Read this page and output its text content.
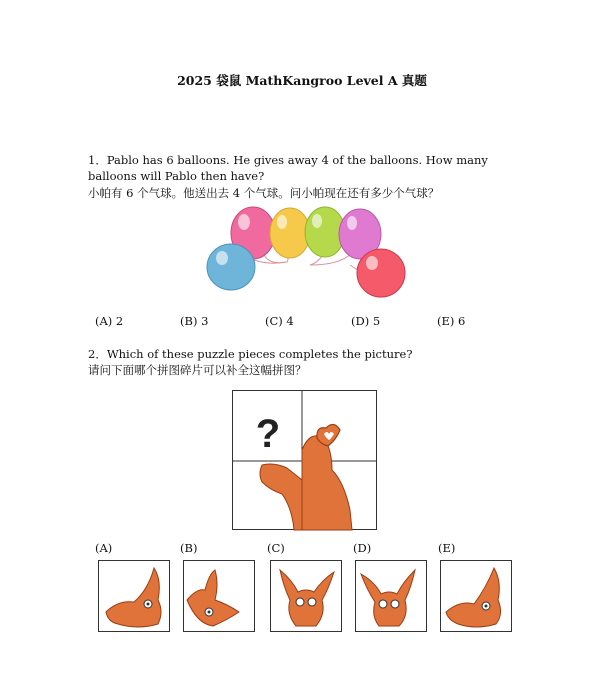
2025 袋鼠 MathKangroo Level A 真题
1．Pablo has 6 balloons. He gives away 4 of the balloons. How many balloons will Pablo then have?
小帕有 6 个气球。他送出去 4 个气球。问小帕现在还有多少个气球？
(A) 2	(B) 3	(C) 4	(D) 5	(E) 6
2．Which of these puzzle pieces completes the picture?
请问下面哪个拼图碎片可以补全这幅拼图？
?
(A)	(B)	(C)	(D)	(E)
